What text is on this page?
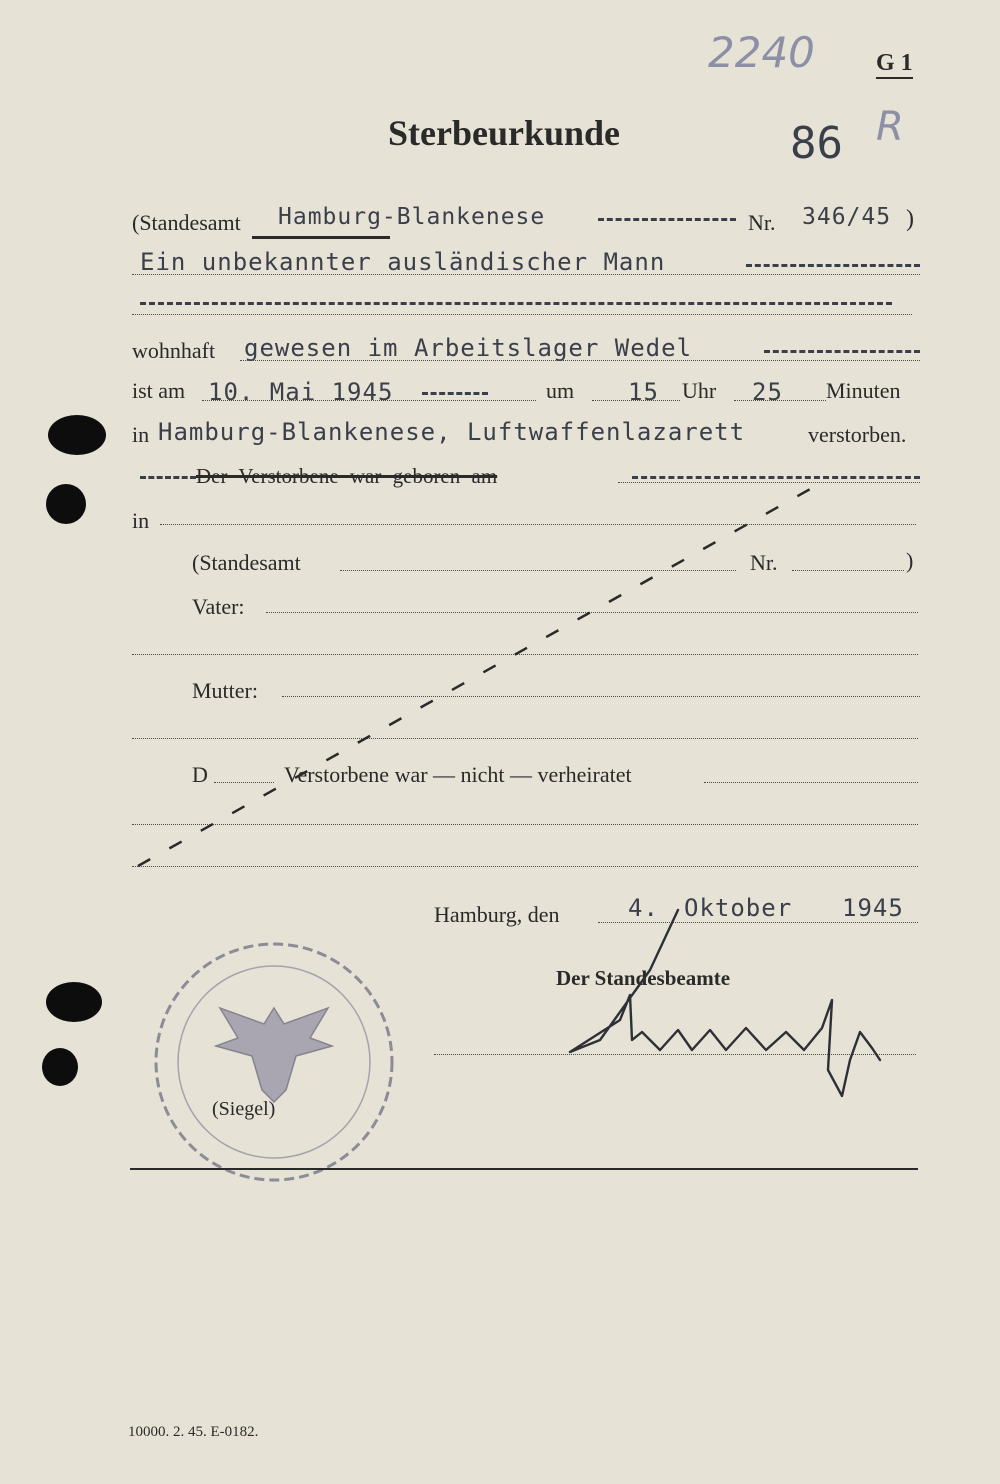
2240	G 1
Sterbeurkunde	86 R
(Standesamt Hamburg-Blankenese	Nr. 346/45 )
Ein unbekannter ausländischer Mann
wohnhaft gewesen im Arbeitslager Wedel
ist am 10. Mai 1945	um 15 Uhr 25 Minuten
in Hamburg-Blankenese, Luftwaffenlazarett	verstorben.
Der Verstorbene war geboren am
in
(Standesamt	Nr.	)
Vater:
Mutter:
D	Verstorbene war — nicht — verheiratet
Hamburg, den	4. Oktober 1945
Der Standesbeamte
(Siegel)
10000. 2. 45. E-0182.
